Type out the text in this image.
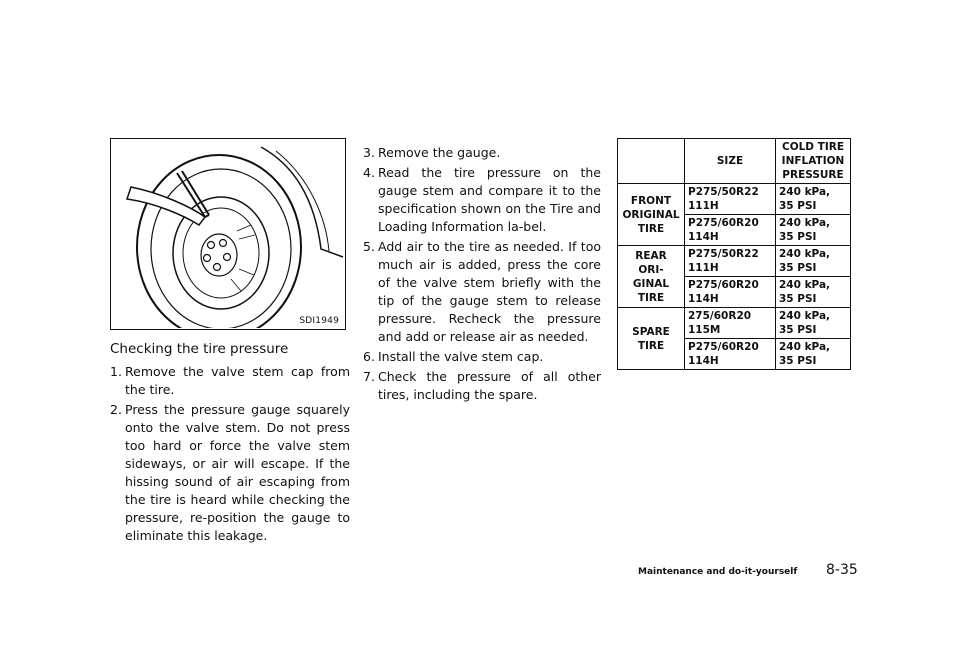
SDI1949
Checking the tire pressure
1. Remove the valve stem cap from the tire.
2. Press the pressure gauge squarely onto the valve stem. Do not press too hard or force the valve stem sideways, or air will escape. If the hissing sound of air escaping from the tire is heard while checking the pressure, re-position the gauge to eliminate this leakage.
3. Remove the gauge.
4. Read the tire pressure on the gauge stem and compare it to the specification shown on the Tire and Loading Information la-bel.
5. Add air to the tire as needed. If too much air is added, press the core of the valve stem briefly with the tip of the gauge stem to release pressure. Recheck the pressure and add or release air as needed.
6. Install the valve stem cap.
7. Check the pressure of all other tires, including the spare.
	SIZE	COLD TIRE INFLATION PRESSURE
FRONT ORIGINAL TIRE	P275/50R22 111H	240 kPa, 35 PSI
	P275/60R20 114H	240 kPa, 35 PSI
REAR ORI-GINAL TIRE	P275/50R22 111H	240 kPa, 35 PSI
	P275/60R20 114H	240 kPa, 35 PSI
SPARE TIRE	275/60R20 115M	240 kPa, 35 PSI
	P275/60R20 114H	240 kPa, 35 PSI
Maintenance and do-it-yourself 8-35
